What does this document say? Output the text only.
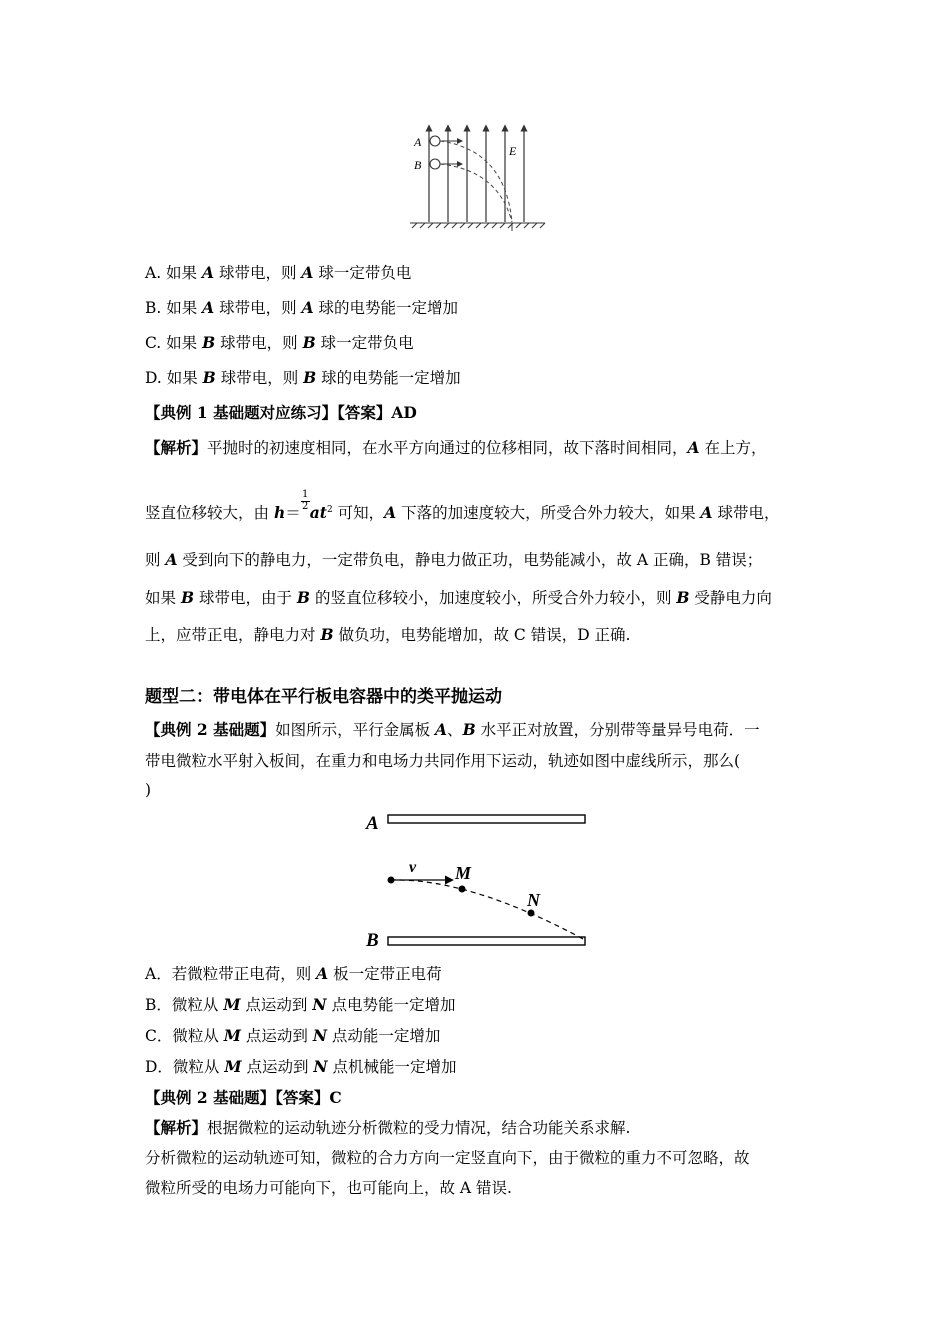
A
B
E
A. 如果 A 球带电，则 A 球一定带负电
B. 如果 A 球带电，则 A 球的电势能一定增加
C. 如果 B 球带电，则 B 球一定带负电
D. 如果 B 球带电，则 B 球的电势能一定增加
【典例 1 基础题对应练习】【答案】AD
【解析】平抛时的初速度相同，在水平方向通过的位移相同，故下落时间相同，A 在上方，
竖直位移较大，由 $h= \frac{1}{2} at^2$ 可知，A 下落的加速度较大，所受合外力较大，如果 A 球带电，
则 A 受到向下的静电力，一定带负电，静电力做正功，电势能减小，故 A 正确，B 错误；
如果 B 球带电，由于 B 的竖直位移较小，加速度较小，所受合外力较小，则 B 受静电力向
上，应带正电，静电力对 B 做负功，电势能增加，故 C 错误，D 正确.
题型二：带电体在平行板电容器中的类平抛运动
【典例 2 基础题】如图所示，平行金属板 A、B 水平正对放置，分别带等量异号电荷．一
带电微粒水平射入板间，在重力和电场力共同作用下运动，轨迹如图中虚线所示，那么(
)
A
B
v M
N
A．若微粒带正电荷，则 A 板一定带正电荷
B．微粒从 M 点运动到 N 点电势能一定增加
C．微粒从 M 点运动到 N 点动能一定增加
D．微粒从 M 点运动到 N 点机械能一定增加
【典例 2 基础题】【答案】C
【解析】根据微粒的运动轨迹分析微粒的受力情况，结合功能关系求解.
分析微粒的运动轨迹可知，微粒的合力方向一定竖直向下，由于微粒的重力不可忽略，故
微粒所受的电场力可能向下，也可能向上，故 A 错误.
